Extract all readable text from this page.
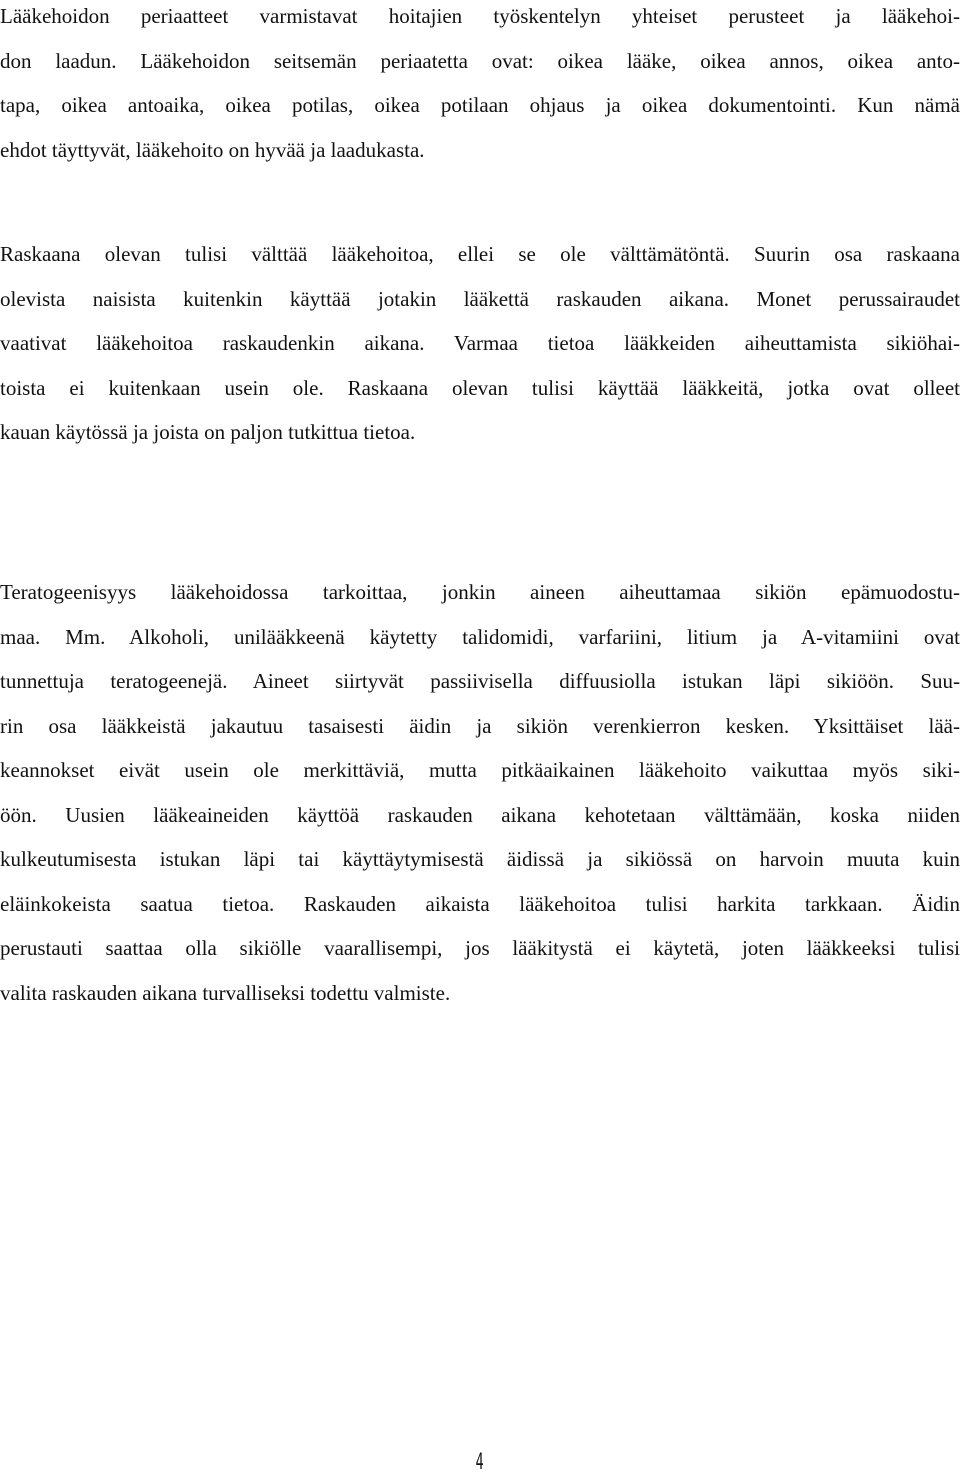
Lääkehoidon periaatteet varmistavat hoitajien työskentelyn yhteiset perusteet ja lääkehoi-
don laadun. Lääkehoidon seitsemän periaatetta ovat: oikea lääke, oikea annos, oikea anto-
tapa, oikea antoaika, oikea potilas, oikea potilaan ohjaus ja oikea dokumentointi. Kun nämä
ehdot täyttyvät, lääkehoito on hyvää ja laadukasta.
Raskaana olevan tulisi välttää lääkehoitoa, ellei se ole välttämätöntä. Suurin osa raskaana
olevista naisista kuitenkin käyttää jotakin lääkettä raskauden aikana. Monet perussairaudet
vaativat lääkehoitoa raskaudenkin aikana. Varmaa tietoa lääkkeiden aiheuttamista sikiöhai-
toista ei kuitenkaan usein ole. Raskaana olevan tulisi käyttää lääkkeitä, jotka ovat olleet
kauan käytössä ja joista on paljon tutkittua tietoa.
Teratogeenisyys lääkehoidossa tarkoittaa, jonkin aineen aiheuttamaa sikiön epämuodostu-
maa. Mm. Alkoholi, unilääkkeenä käytetty talidomidi, varfariini, litium ja A-vitamiini ovat
tunnettuja teratogeenejä. Aineet siirtyvät passiivisella diffuusiolla istukan läpi sikiöön. Suu-
rin osa lääkkeistä jakautuu tasaisesti äidin ja sikiön verenkierron kesken. Yksittäiset lää-
keannokset eivät usein ole merkittäviä, mutta pitkäaikainen lääkehoito vaikuttaa myös siki-
öön. Uusien lääkeaineiden käyttöä raskauden aikana kehotetaan välttämään, koska niiden
kulkeutumisesta istukan läpi tai käyttäytymisestä äidissä ja sikiössä on harvoin muuta kuin
eläinkokeista saatua tietoa. Raskauden aikaista lääkehoitoa tulisi harkita tarkkaan. Äidin
perustauti saattaa olla sikiölle vaarallisempi, jos lääkitystä ei käytetä, joten lääkkeeksi tulisi
valita raskauden aikana turvalliseksi todettu valmiste.
4
